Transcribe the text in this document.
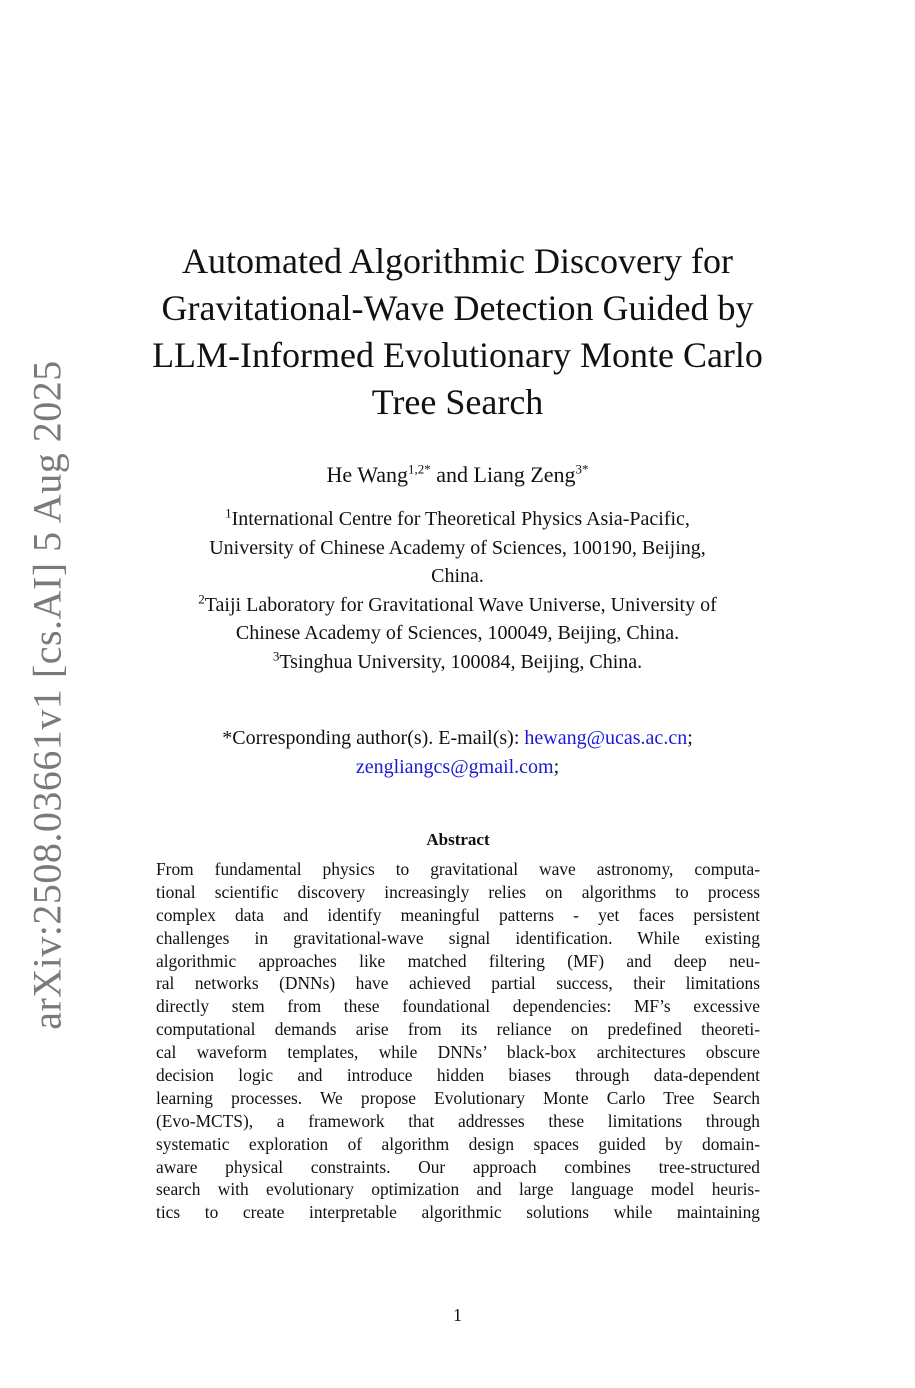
arXiv:2508.03661v1 [cs.AI] 5 Aug 2025
Automated Algorithmic Discovery for
Gravitational-Wave Detection Guided by
LLM-Informed Evolutionary Monte Carlo
Tree Search
He Wang$^{1,2*}$ and Liang Zeng$^{3*}$
$^1$International Centre for Theoretical Physics Asia-Pacific,
University of Chinese Academy of Sciences, 100190, Beijing,
China.
$^2$Taiji Laboratory for Gravitational Wave Universe, University of
Chinese Academy of Sciences, 100049, Beijing, China.
$^3$Tsinghua University, 100084, Beijing, China.
*Corresponding author(s). E-mail(s): hewang@ucas.ac.cn;
zengliangcs@gmail.com;
Abstract
From fundamental physics to gravitational wave astronomy, computa-
tional scientific discovery increasingly relies on algorithms to process
complex data and identify meaningful patterns - yet faces persistent
challenges in gravitational-wave signal identification. While existing
algorithmic approaches like matched filtering (MF) and deep neu-
ral networks (DNNs) have achieved partial success, their limitations
directly stem from these foundational dependencies: MF’s excessive
computational demands arise from its reliance on predefined theoreti-
cal waveform templates, while DNNs’ black-box architectures obscure
decision logic and introduce hidden biases through data-dependent
learning processes. We propose Evolutionary Monte Carlo Tree Search
(Evo-MCTS), a framework that addresses these limitations through
systematic exploration of algorithm design spaces guided by domain-
aware physical constraints. Our approach combines tree-structured
search with evolutionary optimization and large language model heuris-
tics to create interpretable algorithmic solutions while maintaining
1
